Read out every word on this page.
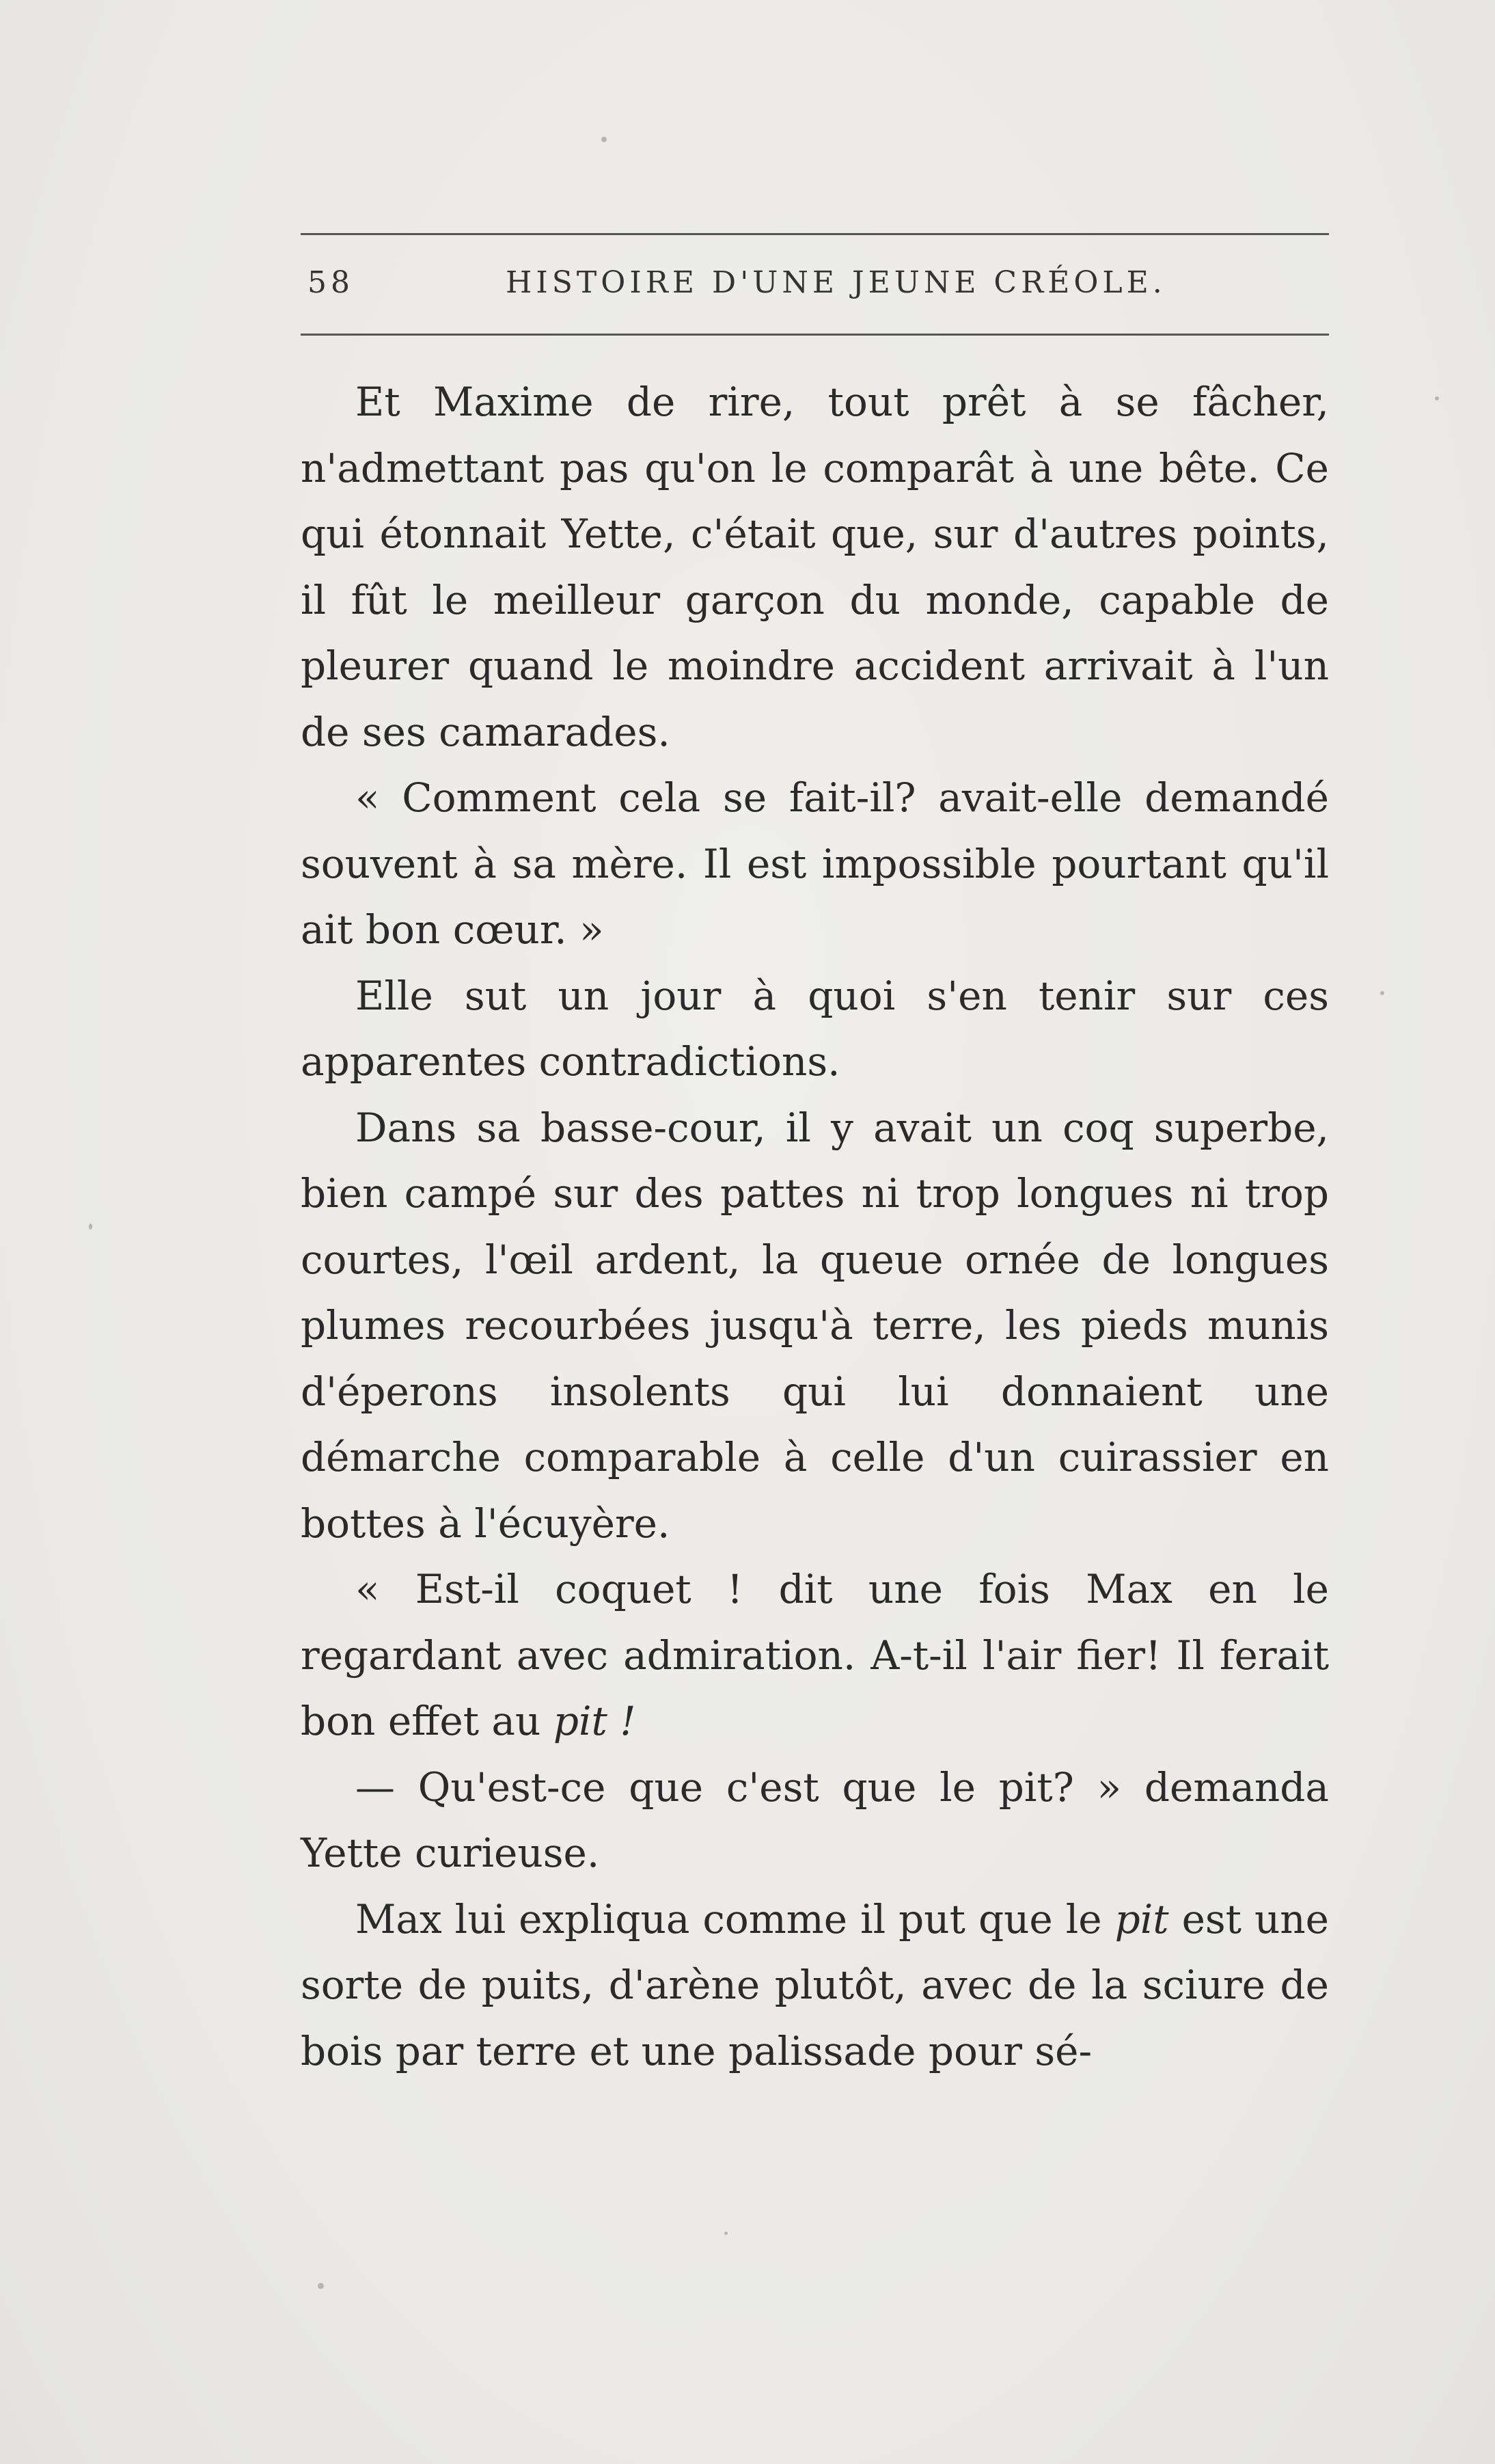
58	HISTOIRE D'UNE JEUNE CRÉOLE.

Et Maxime de rire, tout prêt à se fâcher, n'admettant pas qu'on le comparât à une bête. Ce qui étonnait Yette, c'était que, sur d'autres points, il fût le meilleur garçon du monde, capable de pleurer quand le moindre accident arrivait à l'un de ses camarades.

« Comment cela se fait-il? avait-elle demandé souvent à sa mère. Il est impossible pourtant qu'il ait bon cœur. »

Elle sut un jour à quoi s'en tenir sur ces apparentes contradictions.

Dans sa basse-cour, il y avait un coq superbe, bien campé sur des pattes ni trop longues ni trop courtes, l'œil ardent, la queue ornée de longues plumes recourbées jusqu'à terre, les pieds munis d'éperons insolents qui lui donnaient une démarche comparable à celle d'un cuirassier en bottes à l'écuyère.

« Est-il coquet ! dit une fois Max en le regardant avec admiration. A-t-il l'air fier! Il ferait bon effet au pit !

— Qu'est-ce que c'est que le pit? » demanda Yette curieuse.

Max lui expliqua comme il put que le pit est une sorte de puits, d'arène plutôt, avec de la sciure de bois par terre et une palissade pour sé-
